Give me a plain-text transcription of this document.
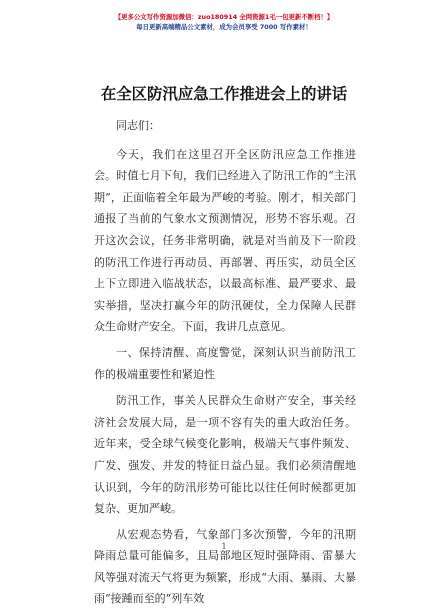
【更多公文写作资源加微信：zuo180914 全网资源1毛一包更新不断档！】
每日更新高端精品公文素材，成为会员享受 7000 写作素材！
在全区防汛应急工作推进会上的讲话

同志们：

今天，我们在这里召开全区防汛应急工作推进会。时值七月下旬，我们已经进入了防汛工作的“主汛期”，正面临着全年最为严峻的考验。刚才，相关部门通报了当前的气象水文预测情况，形势不容乐观。召开这次会议，任务非常明确，就是对当前及下一阶段的防汛工作进行再动员、再部署、再压实，动员全区上下立即进入临战状态，以最高标准、最严要求、最实举措，坚决打赢今年的防汛硬仗，全力保障人民群众生命财产安全。下面，我讲几点意见。

一、保持清醒、高度警觉，深刻认识当前防汛工作的极端重要性和紧迫性

防汛工作，事关人民群众生命财产安全，事关经济社会发展大局，是一项不容有失的重大政治任务。近年来，受全球气候变化影响，极端天气事件频发、广发、强发、并发的特征日益凸显。我们必须清醒地认识到，今年的防汛形势可能比以往任何时候都更加复杂、更加严峻。

从宏观态势看，气象部门多次预警，今年的汛期降雨总量可能偏多，且局部地区短时强降雨、雷暴大风等强对流天气将更为频繁，形成“大雨、暴雨、大暴雨”接踵而至的“列车效

1
